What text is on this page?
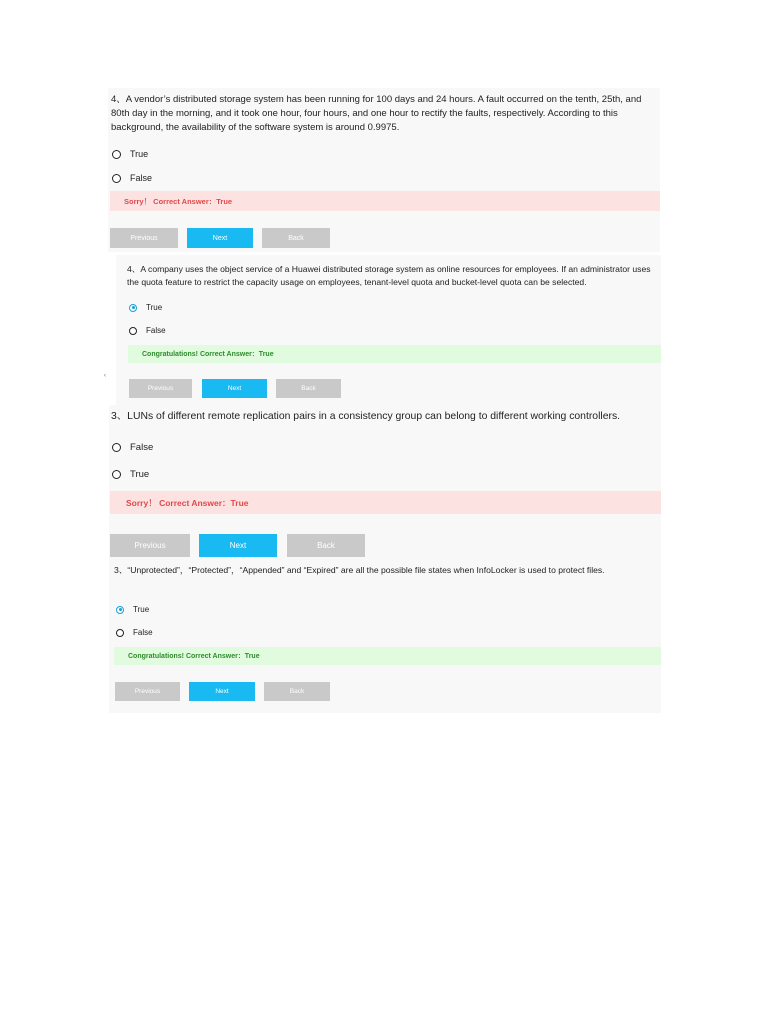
4、A vendor’s distributed storage system has been running for 100 days and 24 hours. A fault occurred on the tenth, 25th, and 80th day in the morning, and it took one hour, four hours, and one hour to rectify the faults, respectively. According to this background, the availability of the software system is around 0.9975.
True
False
Sorry！ Correct Answer：True
Previous	Next	Back
4、A company uses the object service of a Huawei distributed storage system as online resources for employees. If an administrator uses the quota feature to restrict the capacity usage on employees, tenant-level quota and bucket-level quota can be selected.
True
False
Congratulations! Correct Answer：True
Previous	Next	Back
‹
3、LUNs of different remote replication pairs in a consistency group can belong to different working controllers.
False
True
Sorry！ Correct Answer：True
Previous	Next	Back
3、“Unprotected”，“Protected”，“Appended” and “Expired” are all the possible file states when InfoLocker is used to protect files.
True
False
Congratulations! Correct Answer：True
Previous	Next	Back
